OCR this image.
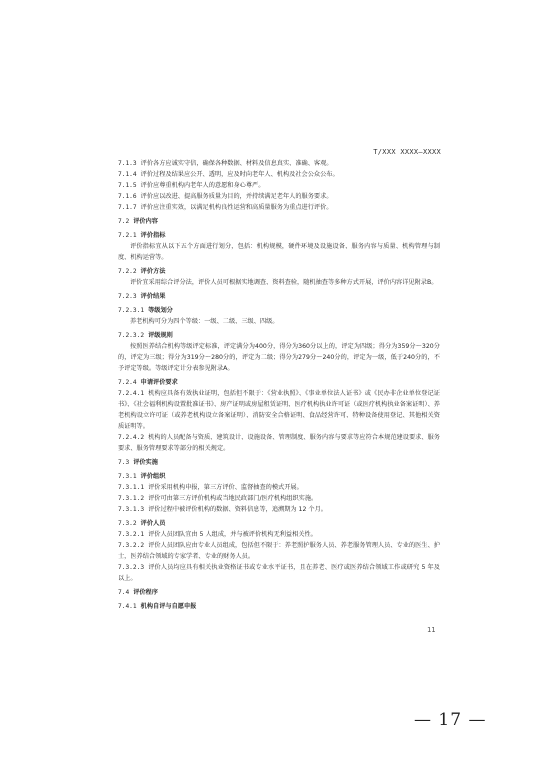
T/XXX XXXX—XXXX
7.1.3 评价各方应诚实守信，确保各种数据、材料及信息真实、准确、客观。
7.1.4 评价过程及结果应公开、透明，应及时向老年人、机构及社会公众公布。
7.1.5 评价应尊重机构内老年人的意愿和身心尊严。
7.1.6 评价应以改进、提高服务质量为目的，并持续满足老年人的服务要求。
7.1.7 评价应注重实效，以满足机构良性运营和高质量服务为重点进行评价。
7.2 评价内容
7.2.1 评价指标
评价指标宜从以下五个方面进行划分，包括：机构规模，硬件环境及设施设备、服务内容与质量、机构管理与制度、机构运营等。
7.2.2 评价方法
评价宜采用综合评分法，评价人员可根据实地调查、资料查验，随机抽查等多种方式开展，评价内容详见附录B。
7.2.3 评价结果
7.2.3.1 等级划分
养老机构可分为四个等级：一级、二级、三级、四级。
7.2.3.2 评级规则
按照医养结合机构等级评定标准，评定满分为400分，得分为360分以上的，评定为四级；得分为359分～320分的，评定为三级；得分为319分～280分的，评定为二级；得分为279分～240分的，评定为一级，低于240分的，不予评定等级。等级评定计分表参见附录A。
7.2.4 申请评价要求
7.2.4.1 机构应具备有效执业证明，包括但不限于：《营业执照》、《事业单位法人证书》或《民办非企业单位登记证书》、《社会福利机构设置批准证书》、房产证明或房屋租赁证明、医疗机构执业许可证（或医疗机构执业备案证明）、养老机构设立许可证（或养老机构设立备案证明）、消防安全合格证明、食品经营许可、特种设备使用登记、其他相关资质证明等。
7.2.4.2 机构的人员配备与资质、建筑设计、设施设备、管理制度、服务内容与要求等应符合本规范建设要求、服务要求、服务管理要求等部分的相关规定。
7.3 评价实施
7.3.1 评价组织
7.3.1.1 评价采用机构申报，第三方评价、监督抽查的模式开展。
7.3.1.2 评价可由第三方评价机构或当地民政部门/医疗机构组织实施。
7.3.1.3 评价过程中被评价机构的数据、资料信息等，追溯期为 12 个月。
7.3.2 评价人员
7.3.2.1 评价人员团队宜由 5 人组成，并与被评价机构无利益相关性。
7.3.2.2 评价人员团队应由专业人员组成，包括但不限于：养老照护服务人员、养老服务管理人员、专业的医生、护士，医养结合领域的专家学者、专业的财务人员。
7.3.2.3 评价人员均应具有相关执业资格证书或专业水平证书，且在养老、医疗或医养结合领域工作或研究 5 年及以上。
7.4 评价程序
7.4.1 机构自评与自愿申报
11
— 17 —
